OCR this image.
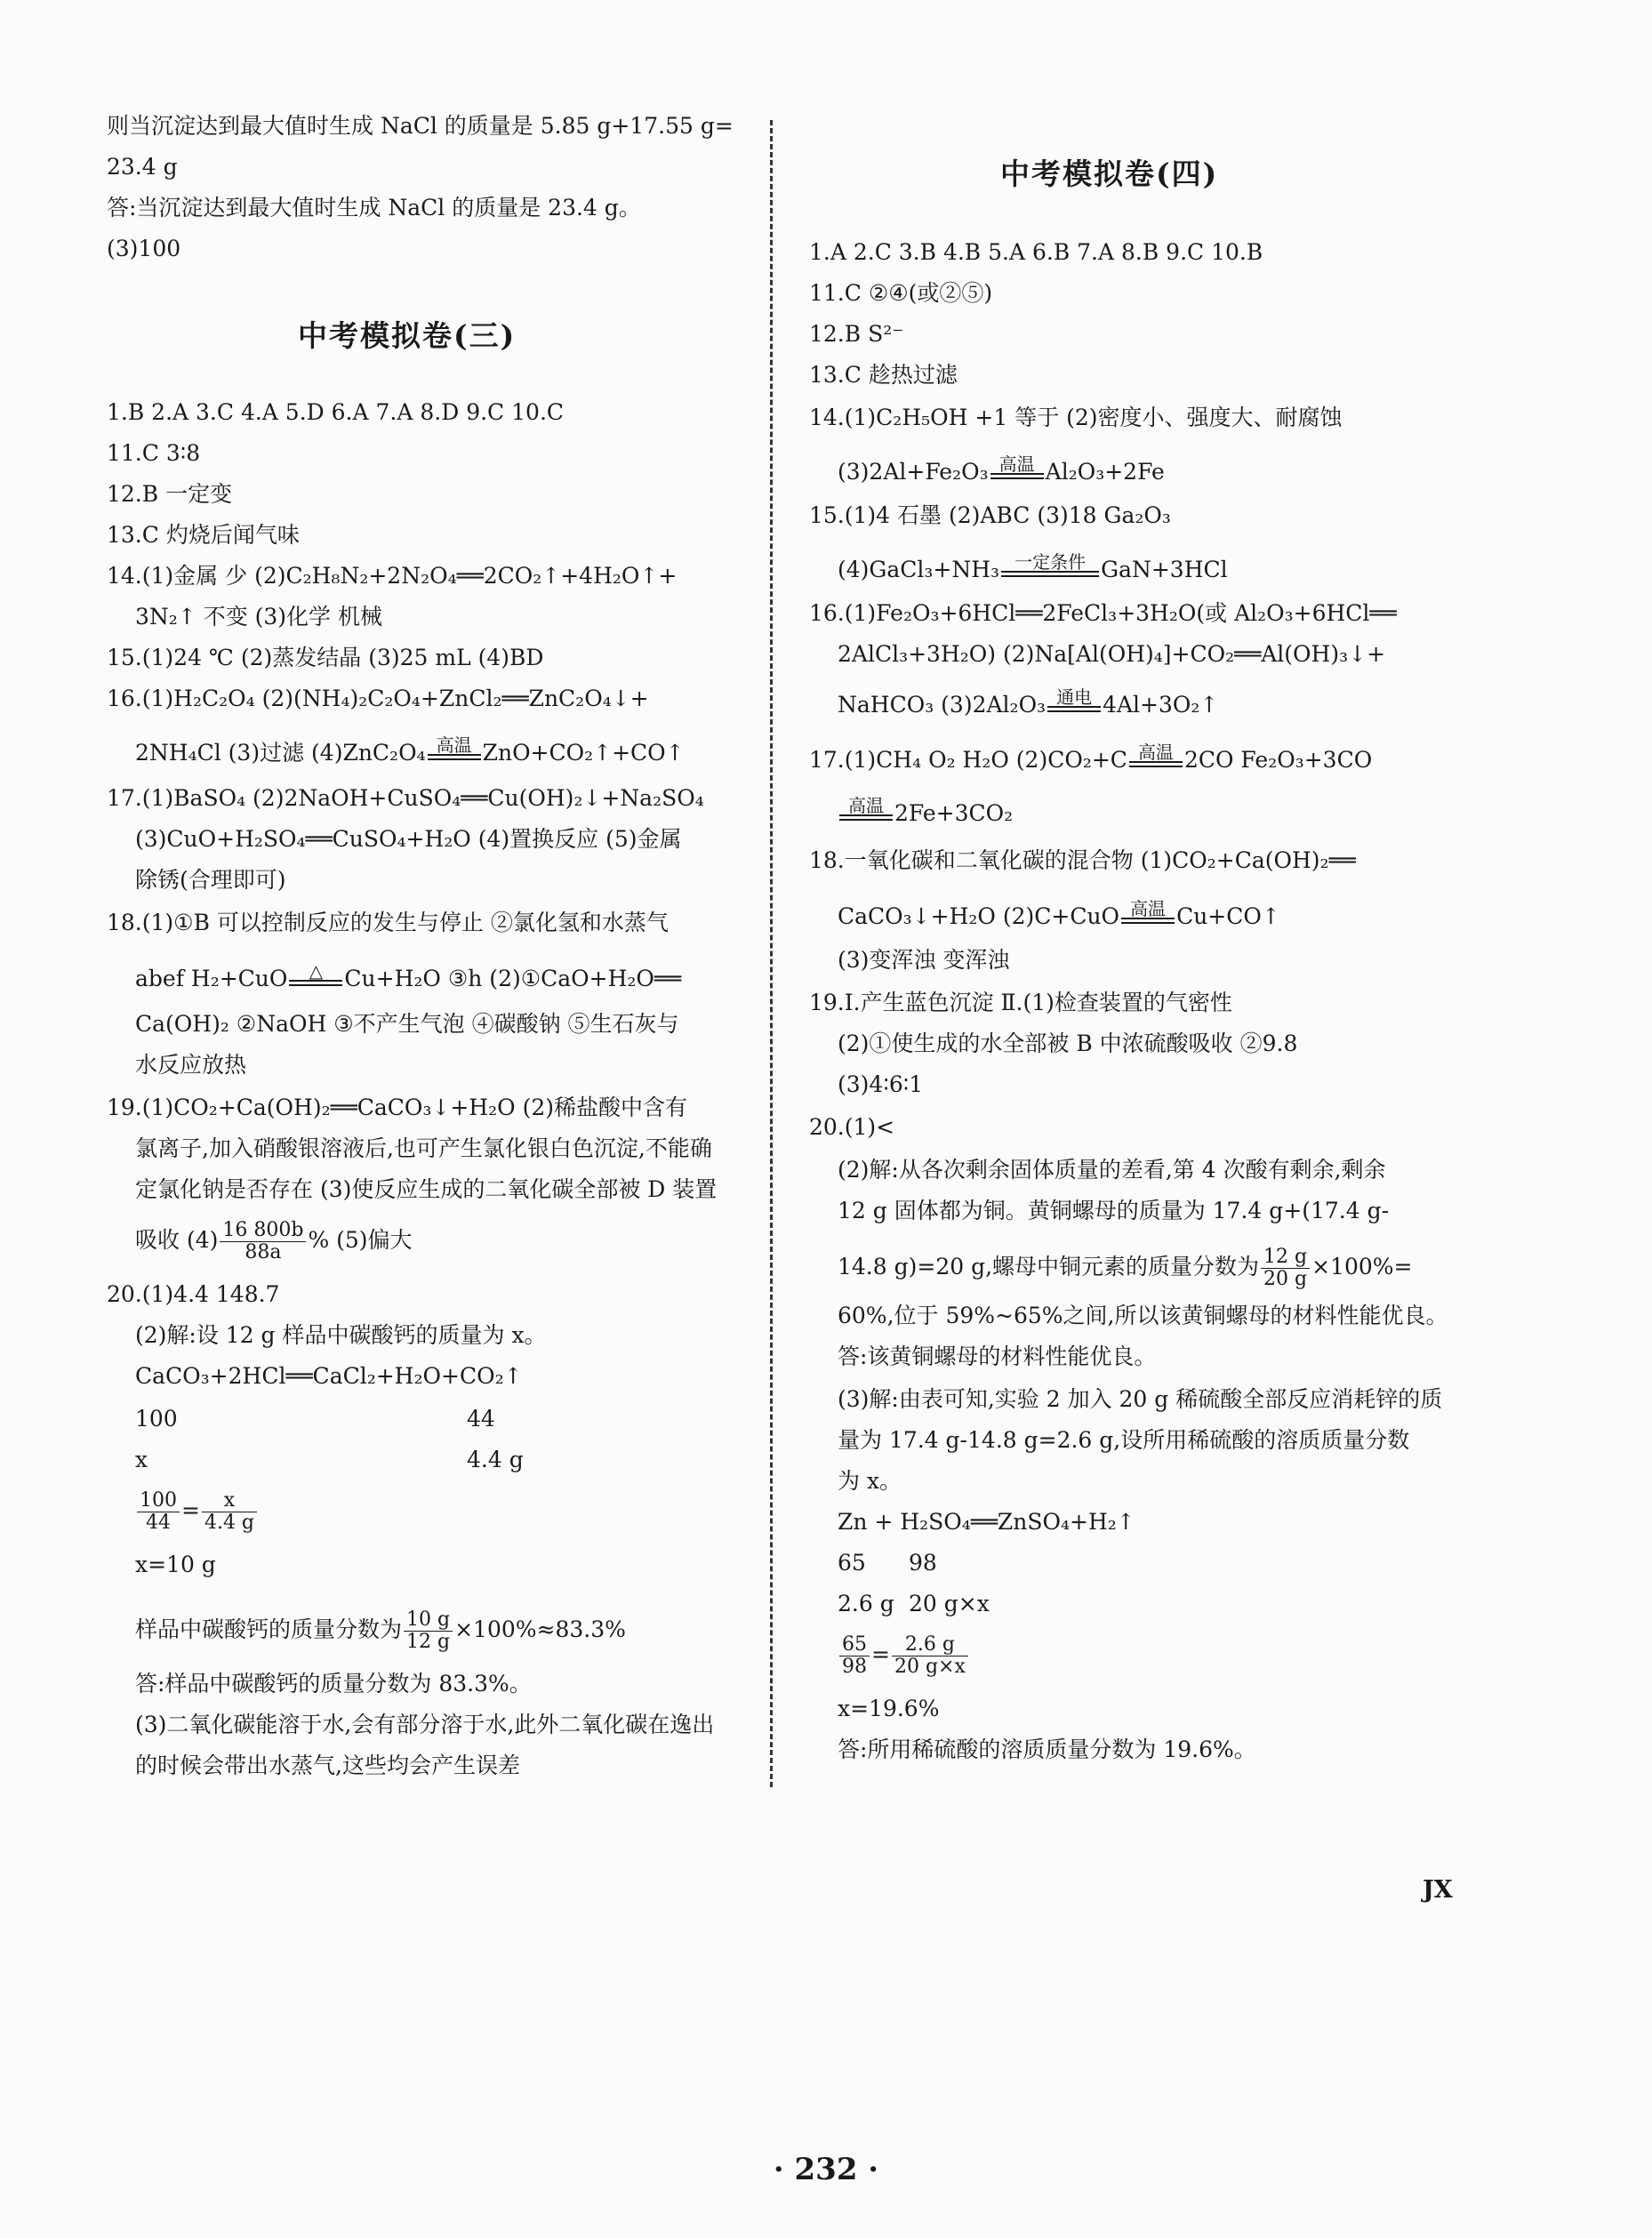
则当沉淀达到最大值时生成 NaCl 的质量是 5.85 g+17.55 g=
23.4 g
答:当沉淀达到最大值时生成 NaCl 的质量是 23.4 g。
(3)100
中考模拟卷(三)
1.B 2.A 3.C 4.A 5.D 6.A 7.A 8.D 9.C 10.C
11.C 3∶8
12.B 一定变
13.C 灼烧后闻气味
14.(1)金属 少 (2)C₂H₈N₂+2N₂O₄══2CO₂↑+4H₂O↑+
3N₂↑ 不变 (3)化学 机械
15.(1)24 ℃ (2)蒸发结晶 (3)25 mL (4)BD
16.(1)H₂C₂O₄ (2)(NH₄)₂C₂O₄+ZnCl₂══ZnC₂O₄↓+
2NH₄Cl (3)过滤 (4)ZnC₂O₄ 高温 ZnO+CO₂↑+CO↑
17.(1)BaSO₄ (2)2NaOH+CuSO₄══Cu(OH)₂↓+Na₂SO₄
(3)CuO+H₂SO₄══CuSO₄+H₂O (4)置换反应 (5)金属
除锈(合理即可)
18.(1)①B 可以控制反应的发生与停止 ②氯化氢和水蒸气
abef H₂+CuO	△ Cu+H₂O ③h (2)①CaO+H₂O══
Ca(OH)₂ ②NaOH ③不产生气泡 ④碳酸钠 ⑤生石灰与
水反应放热
19.(1)CO₂+Ca(OH)₂══CaCO₃↓+H₂O (2)稀盐酸中含有
氯离子,加入硝酸银溶液后,也可产生氯化银白色沉淀,不能确
定氯化钠是否存在 (3)使反应生成的二氧化碳全部被 D 装置
吸收 $(4) \frac{16 800b}{88a}$ % (5)偏大
20.(1)4.4 148.7
(2)解:设 12 g 样品中碳酸钙的质量为 x。
CaCO₃+2HCl══CaCl₂+H₂O+CO₂↑
100	44
x	4.4 g
$\frac{100}{44} = \frac{x}{4.4 g}$
x=10 g
样品中碳酸钙的质量分数为 $\frac{10 g}{12 g} \times 100\%\approx 83.3\%$
答:样品中碳酸钙的质量分数为 83.3%。
(3)二氧化碳能溶于水,会有部分溶于水,此外二氧化碳在逸出
的时候会带出水蒸气,这些均会产生误差
中考模拟卷(四)
1.A 2.C 3.B 4.B 5.A 6.B 7.A 8.B 9.C 10.B
11.C ②④(或②⑤)
12.B S²⁻
13.C 趁热过滤
14.(1)C₂H₅OH +1 等于 (2)密度小、强度大、耐腐蚀
(3)2Al+Fe₂O₃ 高温 Al₂O₃+2Fe
15.(1)4 石墨 (2)ABC (3)18 Ga₂O₃
(4)GaCl₃+NH₃ 一定条件 GaN+3HCl
16.(1)Fe₂O₃+6HCl══2FeCl₃+3H₂O(或 Al₂O₃+6HCl══
2AlCl₃+3H₂O) (2)Na[Al(OH)₄]+CO₂══Al(OH)₃↓+
NaHCO₃ (3)2Al₂O₃ 通电 4Al+3O₂↑
17.(1)CH₄ O₂ H₂O (2)CO₂+C 高温 2CO Fe₂O₃+3CO
高温 2Fe+3CO₂
18.一氧化碳和二氧化碳的混合物 (1)CO₂+Ca(OH)₂══
CaCO₃↓+H₂O (2)C+CuO 高温 Cu+CO↑
(3)变浑浊 变浑浊
19.Ⅰ.产生蓝色沉淀 Ⅱ.(1)检查装置的气密性
(2)①使生成的水全部被 B 中浓硫酸吸收 ②9.8
(3)4∶6∶1
20.(1)<
(2)解:从各次剩余固体质量的差看,第 4 次酸有剩余,剩余
12 g 固体都为铜。黄铜螺母的质量为 17.4 g+(17.4 g-
14.8 g)=20 g,螺母中铜元素的质量分数为 $\frac{12 g}{20 g} \times 100\%=$
60%,位于 59%~65%之间,所以该黄铜螺母的材料性能优良。
答:该黄铜螺母的材料性能优良。
(3)解:由表可知,实验 2 加入 20 g 稀硫酸全部反应消耗锌的质
量为 17.4 g-14.8 g=2.6 g,设所用稀硫酸的溶质质量分数
为 x。
Zn + H₂SO₄══ZnSO₄+H₂↑
65 98
2.6 g 20 g×x
$\frac{65}{98} = \frac{2.6 g}{20 g\times x}$
x=19.6%
答:所用稀硫酸的溶质质量分数为 19.6%。
JX
· 232 ·
